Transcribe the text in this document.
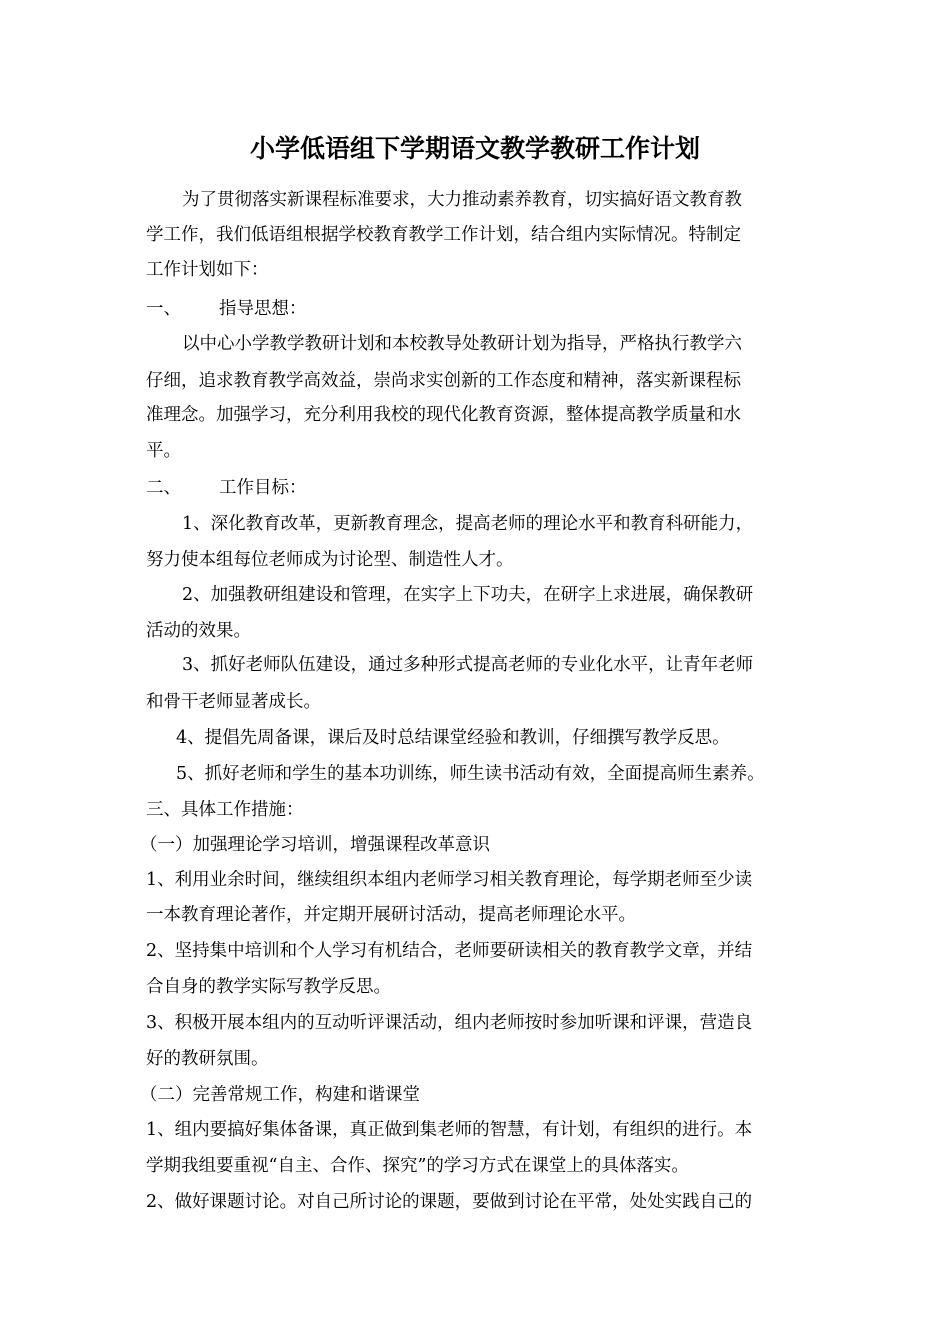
小学低语组下学期语文教学教研工作计划
为了贯彻落实新课程标准要求，大力推动素养教育，切实搞好语文教育教
学工作，我们低语组根据学校教育教学工作计划，结合组内实际情况。特制定
工作计划如下：
一、 指导思想：
以中心小学教学教研计划和本校教导处教研计划为指导，严格执行教学六
仔细，追求教育教学高效益，崇尚求实创新的工作态度和精神，落实新课程标
准理念。加强学习，充分利用我校的现代化教育资源，整体提高教学质量和水
平。
二、 工作目标：
1、深化教育改革，更新教育理念，提高老师的理论水平和教育科研能力，
努力使本组每位老师成为讨论型、制造性人才。
2、加强教研组建设和管理，在实字上下功夫，在研字上求进展，确保教研
活动的效果。
3、抓好老师队伍建设，通过多种形式提高老师的专业化水平，让青年老师
和骨干老师显著成长。
4、提倡先周备课，课后及时总结课堂经验和教训，仔细撰写教学反思。
5、抓好老师和学生的基本功训练，师生读书活动有效，全面提高师生素养。
三、具体工作措施：
（一）加强理论学习培训，增强课程改革意识
1、利用业余时间，继续组织本组内老师学习相关教育理论，每学期老师至少读
一本教育理论著作，并定期开展研讨活动，提高老师理论水平。
2、坚持集中培训和个人学习有机结合，老师要研读相关的教育教学文章，并结
合自身的教学实际写教学反思。
3、积极开展本组内的互动听评课活动，组内老师按时参加听课和评课，营造良
好的教研氛围。
（二）完善常规工作，构建和谐课堂
1、组内要搞好集体备课，真正做到集老师的智慧，有计划，有组织的进行。本
学期我组要重视“自主、合作、探究”的学习方式在课堂上的具体落实。
2、做好课题讨论。对自己所讨论的课题，要做到讨论在平常，处处实践自己的
